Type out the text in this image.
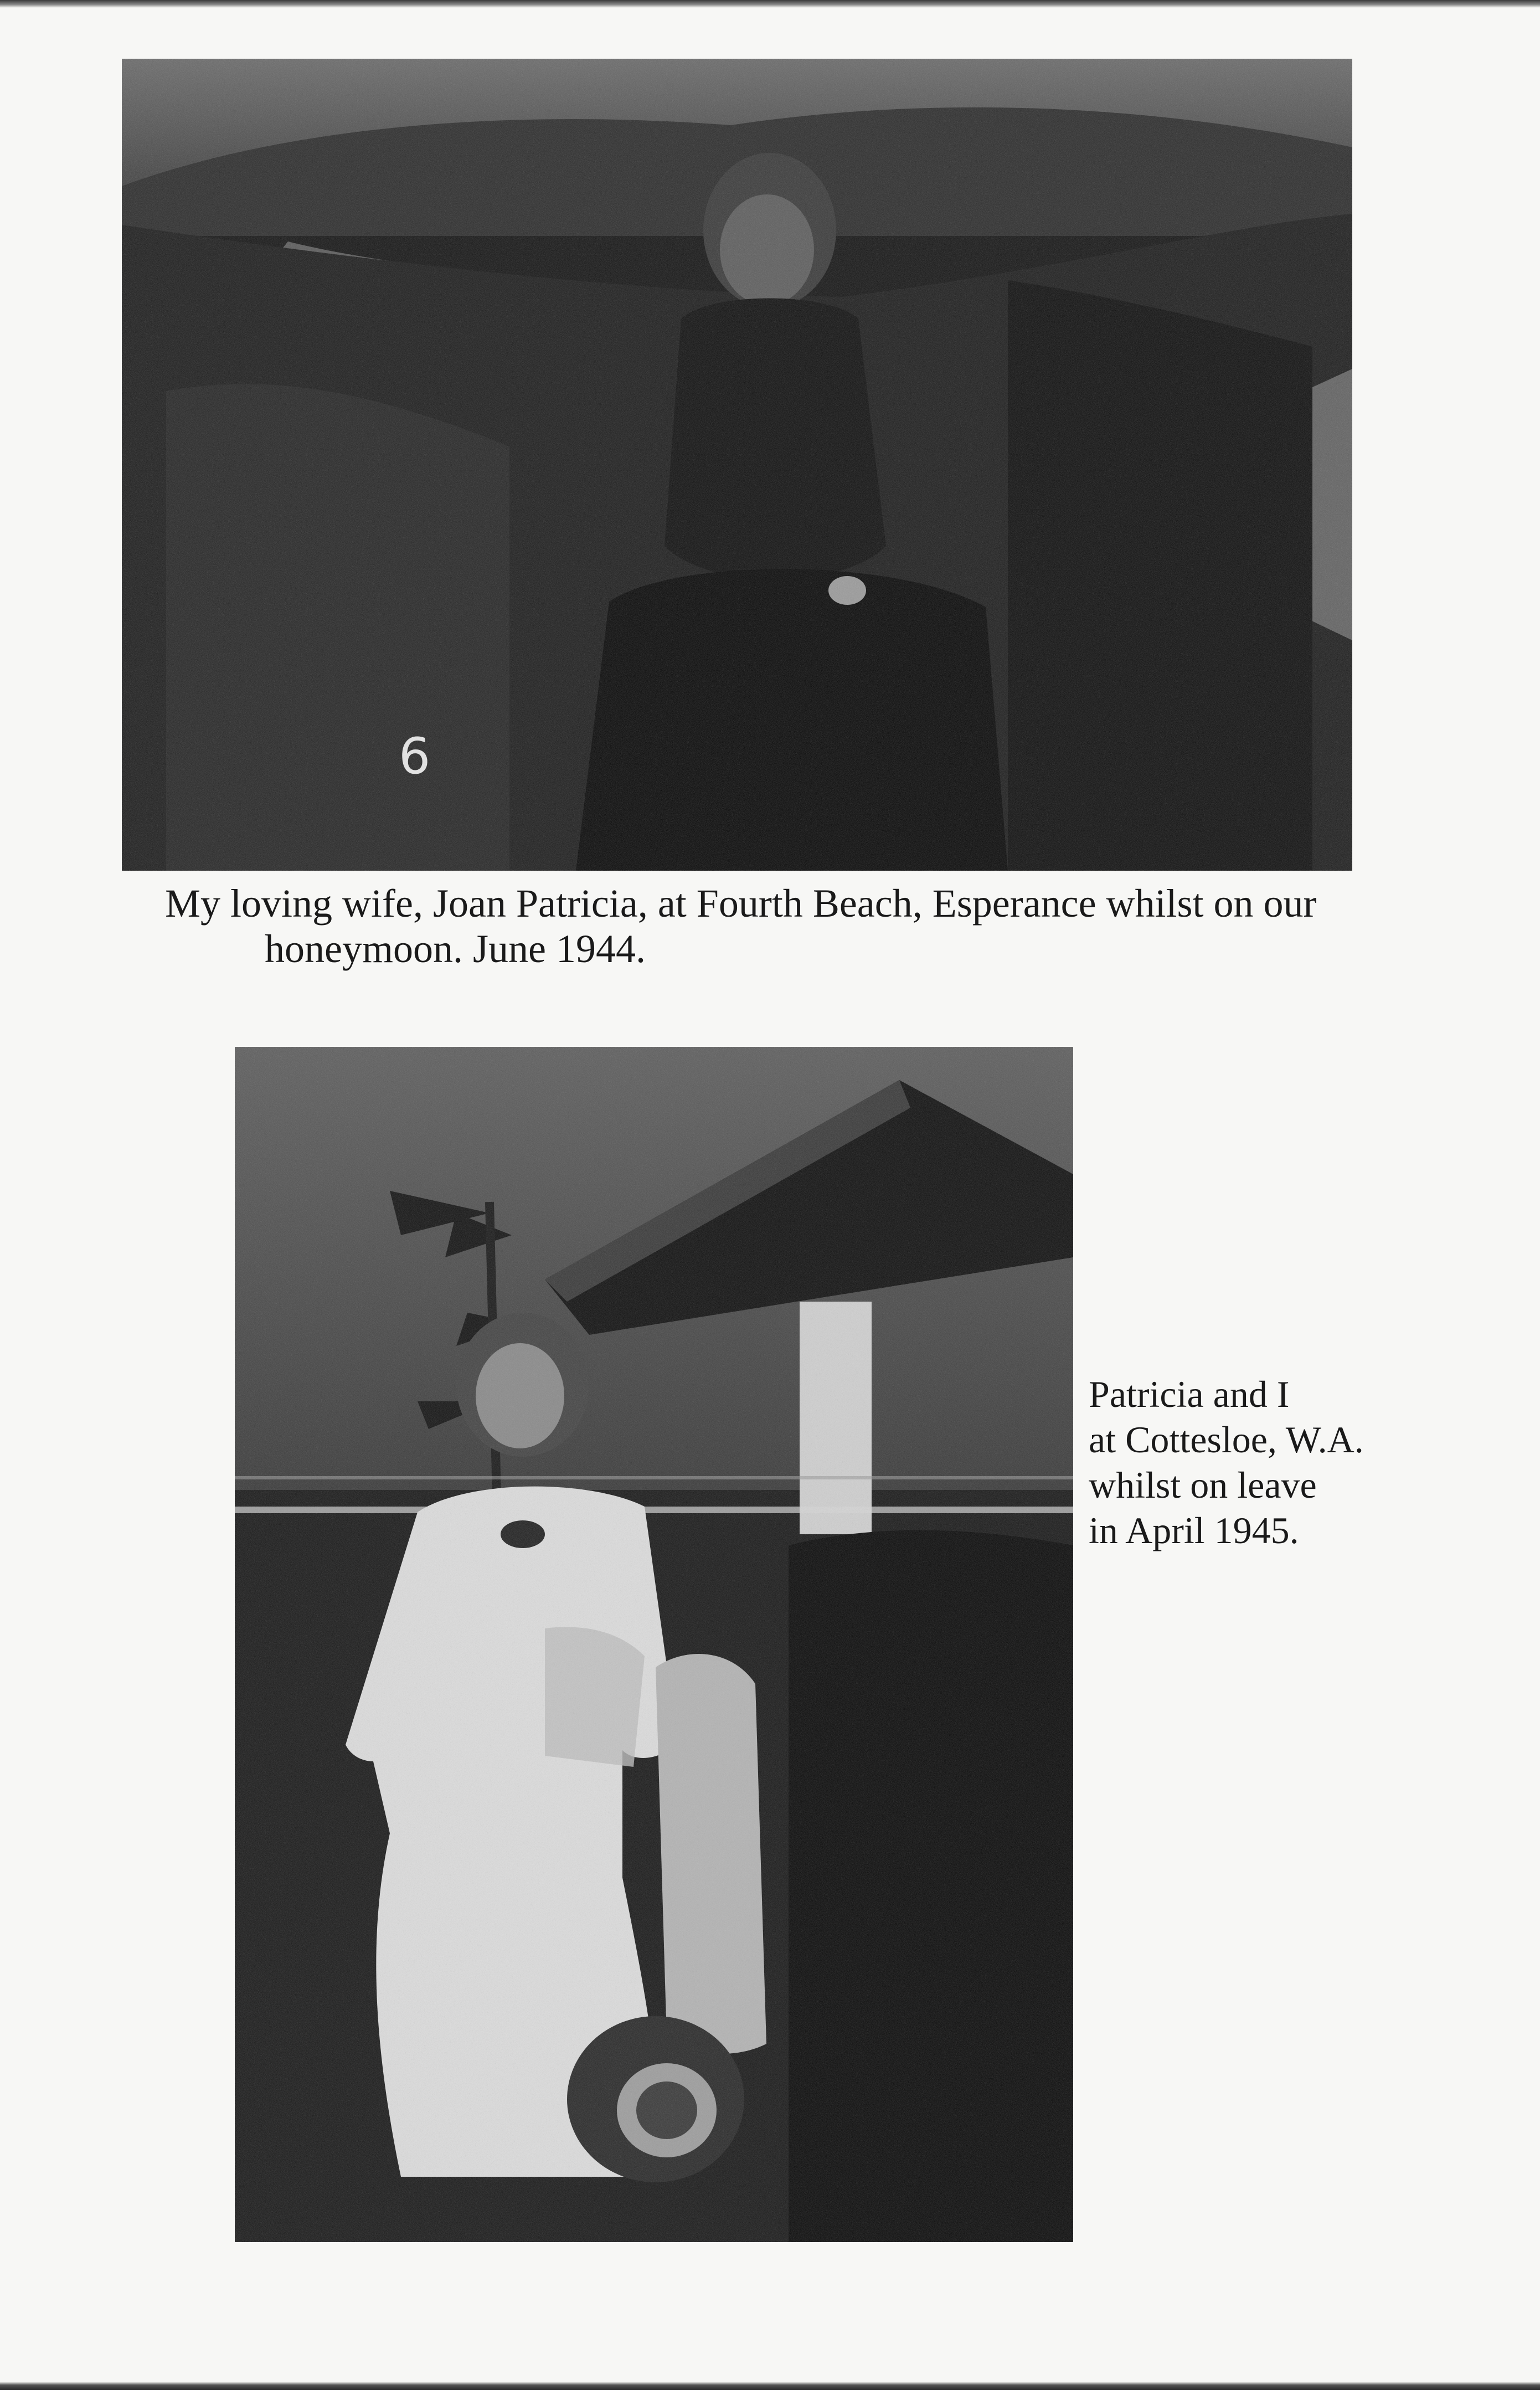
My loving wife, Joan Patricia, at Fourth Beach, Esperance whilst on our
honeymoon. June 1944.
Patricia and I
at Cottesloe, W.A.
whilst on leave
in April 1945.
